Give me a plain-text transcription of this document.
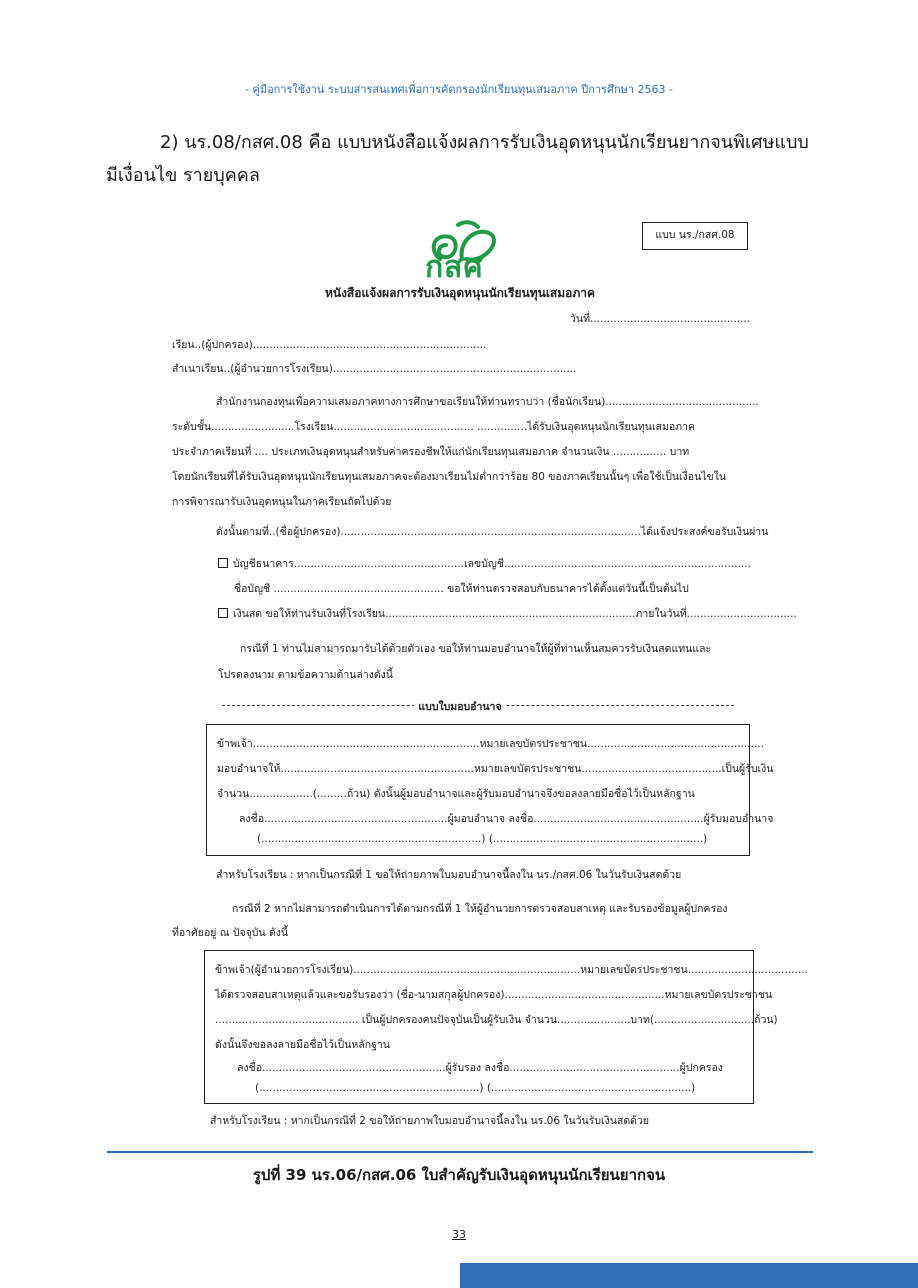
- คู่มือการใช้งาน ระบบสารสนเทศเพื่อการคัดกรองนักเรียนทุนเสมอภาค ปีการศึกษา 2563 -
2) นร.08/กสศ.08 คือ แบบหนังสือแจ้งผลการรับเงินอุดหนุนนักเรียนยากจนพิเศษแบบ
มีเงื่อนไข รายบุคคล
กสศ
แบบ นร./กสศ.08
หนังสือแจ้งผลการรับเงินอุดหนุนนักเรียนทุนเสมอภาค
วันที่................................................
เรียน..(ผู้ปกครอง)......................................................................
สำเนาเรียน..(ผู้อำนวยการโรงเรียน).........................................................................
สำนักงานกองทุนเพื่อความเสมอภาคทางการศึกษาขอเรียนให้ท่านทราบว่า (ชื่อนักเรียน)..............................................
ระดับชั้น.........................โรงเรียน.......................................... ...............ได้รับเงินอุดหนุนนักเรียนทุนเสมอภาค
ประจำภาคเรียนที่ .... ประเภทเงินอุดหนุนสำหรับค่าครองชีพให้แก่นักเรียนทุนเสมอภาค จำนวนเงิน ................ บาท
โดยนักเรียนที่ได้รับเงินอุดหนุนนักเรียนทุนเสมอภาคจะต้องมาเรียนไม่ต่ำกว่าร้อย 80 ของภาคเรียนนั้นๆ เพื่อใช้เป็นเงื่อนไขใน
การพิจารณารับเงินอุดหนุนในภาคเรียนถัดไปด้วย
ดังนั้นตามที่..(ชื่อผู้ปกครอง)..........................................................................................ได้แจ้งประสงค์ขอรับเงินผ่าน
บัญชีธนาคาร...................................................เลขบัญชี..........................................................................
ชื่อบัญชี ................................................... ขอให้ท่านตรวจสอบกับธนาคารได้ตั้งแต่วันนี้เป็นต้นไป
เงินสด ขอให้ท่านรับเงินที่โรงเรียน...........................................................................ภายในวันที่.................................
กรณีที่ 1 ท่านไม่สามารถมารับได้ด้วยตัวเอง ขอให้ท่านมอบอำนาจให้ผู้ที่ท่านเห็นสมควรรับเงินสดแทนและ
โปรดลงนาม ตามข้อความด้านล่างดังนี้
แบบใบมอบอำนาจ
ข้าพเจ้า....................................................................หมายเลขบัตรประชาชน.....................................................
มอบอำนาจให้..........................................................หมายเลขบัตรประชาชน..........................................เป็นผู้รับเงิน
จำนวน...................(.........ถ้วน) ดังนั้นผู้มอบอำนาจและผู้รับมอบอำนาจจึงขอลงลายมือชื่อไว้เป็นหลักฐาน
ลงชื่อ.......................................................ผู้มอบอำนาจ ลงชื่อ...................................................ผู้รับมอบอำนาจ
(..................................................................) (...............................................................)
สำหรับโรงเรียน : หากเป็นกรณีที่ 1 ขอให้ถ่ายภาพใบมอบอำนาจนี้ลงใน นร./กสศ.06 ในวันรับเงินสดด้วย
กรณีที่ 2 หากไม่สามารถดำเนินการได้ตามกรณีที่ 1 ให้ผู้อำนวยการตรวจสอบสาเหตุ และรับรองข้อมูลผู้ปกครอง
ที่อาศัยอยู่ ณ ปัจจุบัน ดังนี้
ข้าพเจ้า(ผู้อำนวยการโรงเรียน)....................................................................หมายเลขบัตรประชาชน....................................
ได้ตรวจสอบสาเหตุแล้วและขอรับรองว่า (ชื่อ-นามสกุลผู้ปกครอง)................................................หมายเลขบัตรประชาชน
........................................... เป็นผู้ปกครองคนปัจจุบันเป็นผู้รับเงิน จำนวน......................บาท(..............................ถ้วน)
ดังนั้นจึงขอลงลายมือชื่อไว้เป็นหลักฐาน
ลงชื่อ.......................................................ผู้รับรอง ลงชื่อ...................................................ผู้ปกครอง
(..................................................................) (............................................................)
สำหรับโรงเรียน : หากเป็นกรณีที่ 2 ขอให้ถ่ายภาพใบมอบอำนาจนี้ลงใน นร.06 ในวันรับเงินสดด้วย
รูปที่ 39 นร.06/กสศ.06 ใบสำคัญรับเงินอุดหนุนนักเรียนยากจน
33
